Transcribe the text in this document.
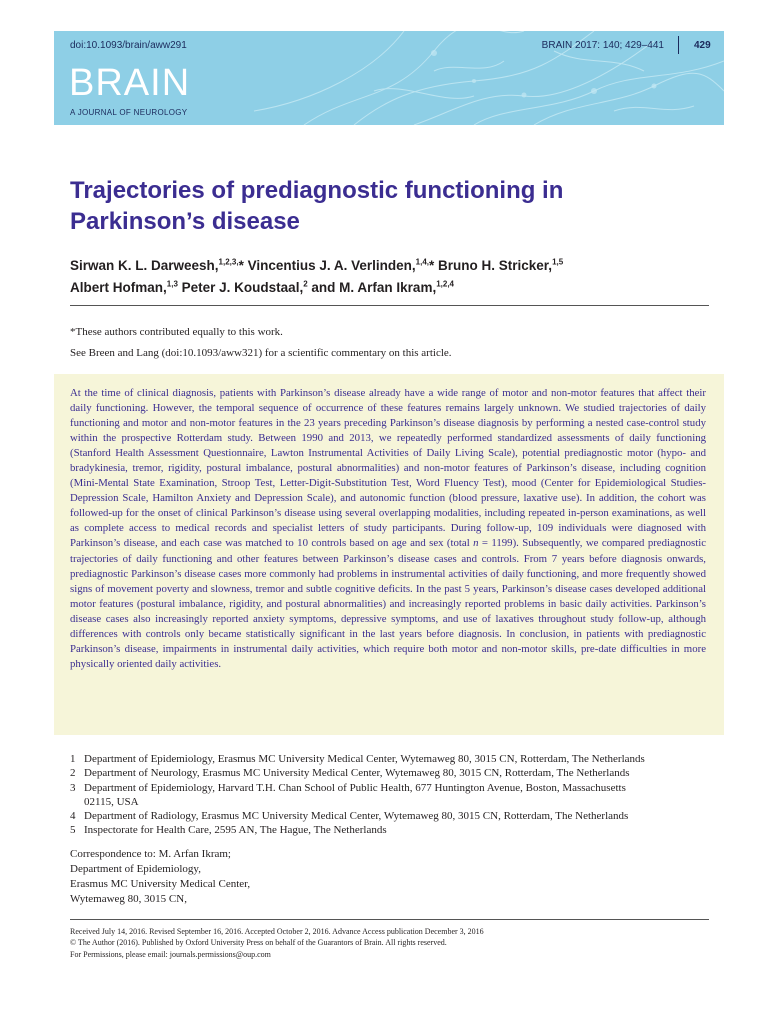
doi:10.1093/brain/aww291	BRAIN 2017: 140; 429–441	429
BRAIN
A JOURNAL OF NEUROLOGY
Trajectories of prediagnostic functioning in
Parkinson’s disease
Sirwan K. L. Darweesh,$^{1,2,3,}$* Vincentius J. A. Verlinden,$^{1,4,}$* Bruno H. Stricker,$^{1,5}$
Albert Hofman,$^{1,3}$ Peter J. Koudstaal,$^2$ and M. Arfan Ikram,$^{1,2,4}$
*These authors contributed equally to this work.
See Breen and Lang (doi:10.1093/aww321) for a scientific commentary on this article.

At the time of clinical diagnosis, patients with Parkinson’s disease already have a wide range of motor and non-motor features that affect their daily functioning. However, the temporal sequence of occurrence of these features remains largely unknown. We studied trajectories of daily functioning and motor and non-motor features in the 23 years preceding Parkinson’s disease diagnosis by performing a nested case-control study within the prospective Rotterdam study. Between 1990 and 2013, we repeatedly performed standardized assessments of daily functioning (Stanford Health Assessment Questionnaire, Lawton Instrumental Activities of Daily Living Scale), potential prediagnostic motor (hypo- and bradykinesia, tremor, rigidity, postural imbalance, postural abnormalities) and non-motor features of Parkinson’s disease, including cognition (Mini-Mental State Examination, Stroop Test, Letter-Digit-Substitution Test, Word Fluency Test), mood (Center for Epidemiological Studies-Depression Scale, Hamilton Anxiety and Depression Scale), and autonomic function (blood pressure, laxative use). In addition, the cohort was followed-up for the onset of clinical Parkinson’s disease using several overlapping modalities, including repeated in-person examinations, as well as complete access to medical records and specialist letters of study participants. During follow-up, 109 individuals were diagnosed with Parkinson’s disease, and each case was matched to 10 controls based on age and sex (total n = 1199). Subsequently, we compared prediagnostic trajectories of daily functioning and other features between Parkinson’s disease cases and controls. From 7 years before diagnosis onwards, prediagnostic Parkinson’s disease cases more commonly had problems in instrumental activities of daily functioning, and more frequently showed signs of movement poverty and slowness, tremor and subtle cognitive deficits. In the past 5 years, Parkinson’s disease cases developed additional motor features (postural imbalance, rigidity, and postural abnormalities) and increasingly reported problems in basic daily activities. Parkinson’s disease cases also increasingly reported anxiety symptoms, depressive symptoms, and use of laxatives throughout study follow-up, although differences with controls only became statistically significant in the last years before diagnosis. In conclusion, in patients with prediagnostic Parkinson’s disease, impairments in instrumental daily activities, which require both motor and non-motor skills, pre-date difficulties in more physically oriented daily activities.

1 Department of Epidemiology, Erasmus MC University Medical Center, Wytemaweg 80, 3015 CN, Rotterdam, The Netherlands
2 Department of Neurology, Erasmus MC University Medical Center, Wytemaweg 80, 3015 CN, Rotterdam, The Netherlands
3 Department of Epidemiology, Harvard T.H. Chan School of Public Health, 677 Huntington Avenue, Boston, Massachusetts
02115, USA
4 Department of Radiology, Erasmus MC University Medical Center, Wytemaweg 80, 3015 CN, Rotterdam, The Netherlands
5 Inspectorate for Health Care, 2595 AN, The Hague, The Netherlands
Correspondence to: M. Arfan Ikram;
Department of Epidemiology,
Erasmus MC University Medical Center,
Wytemaweg 80, 3015 CN,
Received July 14, 2016. Revised September 16, 2016. Accepted October 2, 2016. Advance Access publication December 3, 2016
© The Author (2016). Published by Oxford University Press on behalf of the Guarantors of Brain. All rights reserved.
For Permissions, please email: journals.permissions@oup.com
